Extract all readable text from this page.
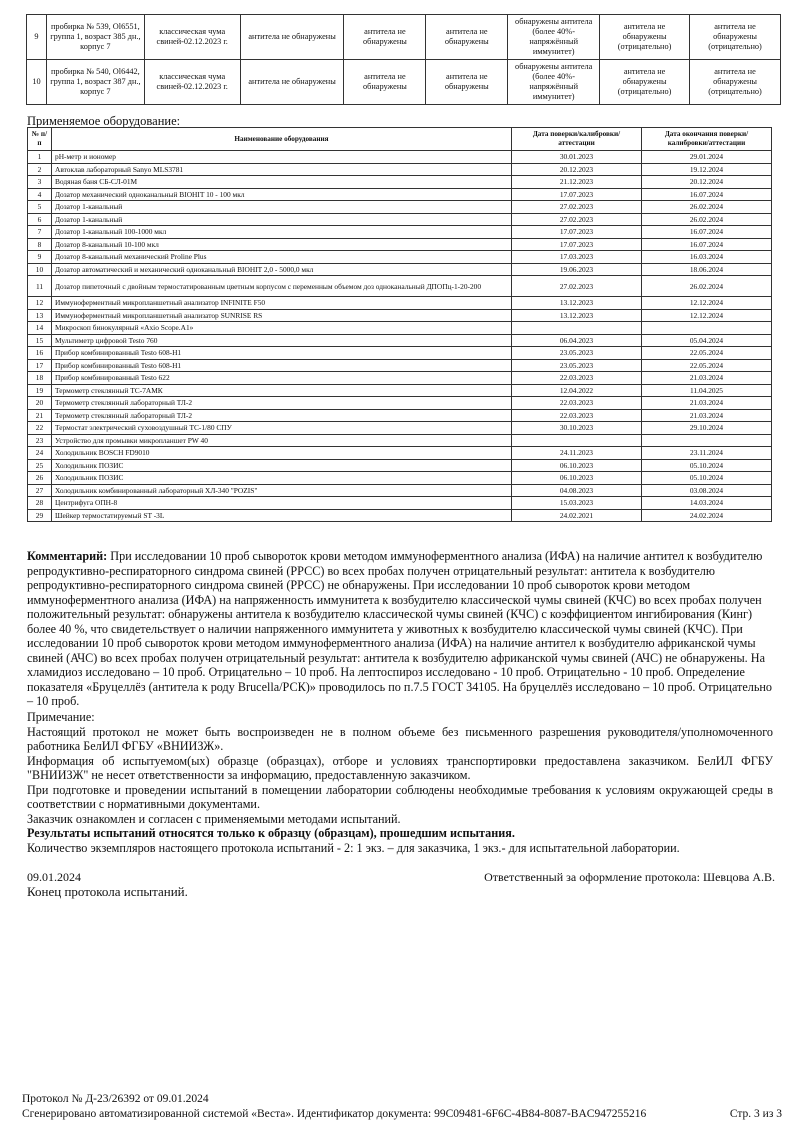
9	пробирка № 539, Ol6551, группа 1, возраст 385 дн., корпус 7	классическая чума свиней-02.12.2023 г.	антитела не обнаружены	антитела не обнаружены	антитела не обнаружены	обнаружены антитела (более 40%- напряжённый иммунитет)	антитела не обнаружены (отрицательно)	антитела не обнаружены (отрицательно)
10	пробирка № 540, Ol6442, группа 1, возраст 387 дн., корпус 7	классическая чума свиней-02.12.2023 г.	антитела не обнаружены	антитела не обнаружены	антитела не обнаружены	обнаружены антитела (более 40%- напряжённый иммунитет)	антитела не обнаружены (отрицательно)	антитела не обнаружены (отрицательно)
Применяемое оборудование:
№ п/п	Наименование оборудования	Дата поверки/калибровки/аттестации	Дата окончания поверки/ калибровки/аттестации
1	pH-метр и иономер	30.01.2023	29.01.2024
2	Автоклав лабораторный Sanyo MLS3781	20.12.2023	19.12.2024
3	Водяная баня СБ-СЛ-01М	21.12.2023	20.12.2024
4	Дозатор механический одноканальный BIOHIT 10 - 100 мкл	17.07.2023	16.07.2024
5	Дозатор 1-канальный	27.02.2023	26.02.2024
6	Дозатор 1-канальный	27.02.2023	26.02.2024
7	Дозатор 1-канальный 100-1000 мкл	17.07.2023	16.07.2024
8	Дозатор 8-канальный 10-100 мкл	17.07.2023	16.07.2024
9	Дозатор 8-канальный механический Proline Plus	17.03.2023	16.03.2024
10	Дозатор автоматический и механический одноканальный BIOHIT 2,0 - 5000,0 мкл	19.06.2023	18.06.2024
11	Дозатор пипеточный с двойным термостатированным цветным корпусом с переменным объемом доз одноканальный ДПОПц-1-20-200	27.02.2023	26.02.2024
12	Иммуноферментный микропланшетный анализатор INFINITE F50	13.12.2023	12.12.2024
13	Иммуноферментный микропланшетный анализатор SUNRISE RS	13.12.2023	12.12.2024
14	Микроскоп бинокулярный «Axio Scope.A1»		
15	Мультиметр цифровой Testo 760	06.04.2023	05.04.2024
16	Прибор комбинированный Testo 608-H1	23.05.2023	22.05.2024
17	Прибор комбинированный Testo 608-H1	23.05.2023	22.05.2024
18	Прибор комбинированный Testo 622	22.03.2023	21.03.2024
19	Термометр стеклянный ТС-7АМК	12.04.2022	11.04.2025
20	Термометр стеклянный лабораторный ТЛ-2	22.03.2023	21.03.2024
21	Термометр стеклянный лабораторный ТЛ-2	22.03.2023	21.03.2024
22	Термостат электрический суховоздушный ТС-1/80 СПУ	30.10.2023	29.10.2024
23	Устройство для промывки микропланшет PW 40		
24	Холодильник BOSCH FD9010	24.11.2023	23.11.2024
25	Холодильник ПОЗИС	06.10.2023	05.10.2024
26	Холодильник ПОЗИС	06.10.2023	05.10.2024
27	Холодильник комбинированный лабораторный ХЛ-340 "POZIS"	04.08.2023	03.08.2024
28	Центрифуга ОПН-8	15.03.2023	14.03.2024
29	Шейкер термостатируемый ST -3L	24.02.2021	24.02.2024
Комментарий: При исследовании 10 проб сывороток крови методом иммуноферментного анализа (ИФА) на наличие антител к возбудителю репродуктивно-респираторного синдрома свиней (РРСС) во всех пробах получен отрицательный результат: антитела к возбудителю репродуктивно-респираторного синдрома свиней (РРСС) не обнаружены. При исследовании 10 проб сывороток крови методом иммуноферментного анализа (ИФА) на напряженность иммунитета к возбудителю классической чумы свиней (КЧС) во всех пробах получен положительный результат: обнаружены антитела к возбудителю классической чумы свиней (КЧС) с коэффициентом ингибирования (Кинг) более 40 %, что свидетельствует о наличии напряженного иммунитета у животных к возбудителю классической чумы свиней (КЧС). При исследовании 10 проб сывороток крови методом иммуноферментного анализа (ИФА) на наличие антител к возбудителю африканской чумы свиней (АЧС) во всех пробах получен отрицательный результат: антитела к возбудителю африканской чумы свиней (АЧС) не обнаружены. На хламидиоз исследовано – 10 проб. Отрицательно – 10 проб. На лептоспироз исследовано - 10 проб. Отрицательно - 10 проб. Определение показателя «Бруцеллёз (антитела к роду Brucella/РСК)» проводилось по п.7.5 ГОСТ 34105. На бруцеллёз исследовано – 10 проб. Отрицательно – 10 проб.

Примечание:

Настоящий протокол не может быть воспроизведен не в полном объеме без письменного разрешения руководителя/уполномоченного работника БелИЛ ФГБУ «ВНИИЗЖ».

Информация об испытуемом(ых) образце (образцах), отборе и условиях транспортировки предоставлена заказчиком. БелИЛ ФГБУ "ВНИИЗЖ" не несет ответственности за информацию, предоставленную заказчиком.

При подготовке и проведении испытаний в помещении лаборатории соблюдены необходимые требования к условиям окружающей среды в соответствии с нормативными документами.

Заказчик ознакомлен и согласен с применяемыми методами испытаний.

Результаты испытаний относятся только к образцу (образцам), прошедшим испытания.

Количество экземпляров настоящего протокола испытаний - 2: 1 экз. – для заказчика, 1 экз.- для испытательной лаборатории.

09.01.2024	Ответственный за оформление протокола: Шевцова А.В.
Конец протокола испытаний.
Протокол № Д-23/26392 от 09.01.2024
Сгенерировано автоматизированной системой «Веста». Идентификатор документа: 99C09481-6F6C-4B84-8087-BAC947255216	Стр. 3 из 3
